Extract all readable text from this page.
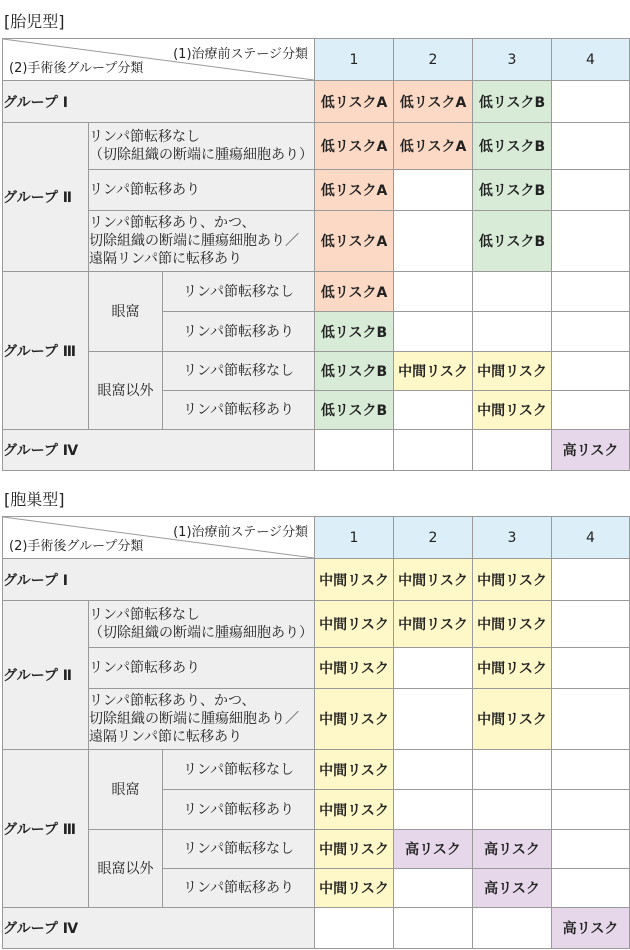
[胎児型]
(1)治療前ステージ分類
(2)手術後グループ分類			1	2	3	4
グループ Ⅰ			低リスクA	低リスクA	低リスクB	
グループ Ⅱ	リンパ節転移なし
（切除組織の断端に腫瘍細胞あり）		低リスクA	低リスクA	低リスクB	

	リンパ節転移あり		低リスクA		低リスクB	

	リンパ節転移あり、かつ、
切除組織の断端に腫瘍細胞あり／
遠隔リンパ節に転移あり		低リスクA		低リスクB	
グループ Ⅲ	眼窩	リンパ節転移なし	低リスクA			
		リンパ節転移あり	低リスクB			
	眼窩以外	リンパ節転移なし	低リスクB	中間リスク	中間リスク	
		リンパ節転移あり	低リスクB		中間リスク	
グループ Ⅳ						高リスク
[胞巣型]
(1)治療前ステージ分類
(2)手術後グループ分類			1	2	3	4
グループ Ⅰ			中間リスク	中間リスク	中間リスク	
グループ Ⅱ	リンパ節転移なし
（切除組織の断端に腫瘍細胞あり）		中間リスク	中間リスク	中間リスク	

	リンパ節転移あり		中間リスク		中間リスク	

	リンパ節転移あり、かつ、
切除組織の断端に腫瘍細胞あり／
遠隔リンパ節に転移あり		中間リスク		中間リスク	
グループ Ⅲ	眼窩	リンパ節転移なし	中間リスク			
		リンパ節転移あり	中間リスク			
	眼窩以外	リンパ節転移なし	中間リスク	高リスク	高リスク	
		リンパ節転移あり	中間リスク		高リスク	
グループ Ⅳ						高リスク
